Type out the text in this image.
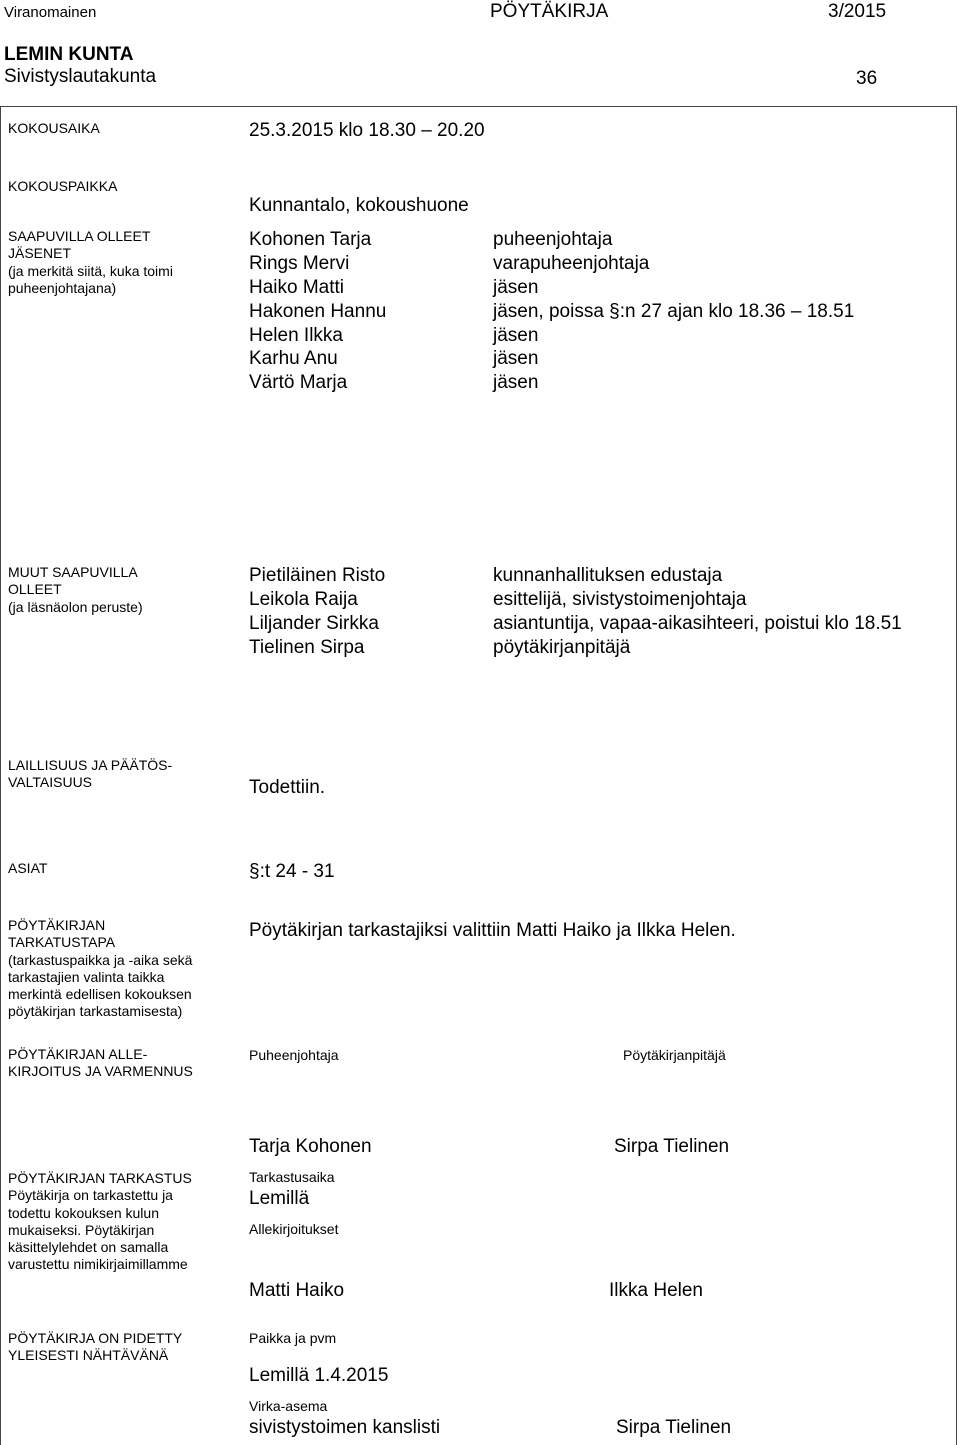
Viranomainen	PÖYTÄKIRJA	3/2015
LEMIN KUNTA
Sivistyslautakunta	36
KOKOUSAIKA	25.3.2015 klo 18.30 – 20.20
KOKOUSPAIKKA
Kunnantalo, kokoushuone
SAAPUVILLA OLLEET
JÄSENET
(ja merkitä siitä, kuka toimi
puheenjohtajana)
Kohonen Tarja	puheenjohtaja
Rings Mervi	varapuheenjohtaja
Haiko Matti	jäsen
Hakonen Hannu	jäsen, poissa §:n 27 ajan klo 18.36 – 18.51
Helen Ilkka	jäsen
Karhu Anu	jäsen
Värtö Marja	jäsen
MUUT SAAPUVILLA
OLLEET
(ja läsnäolon peruste)
Pietiläinen Risto	kunnanhallituksen edustaja
Leikola Raija	esittelijä, sivistystoimenjohtaja
Liljander Sirkka	asiantuntija, vapaa-aikasihteeri, poistui klo 18.51
Tielinen Sirpa	pöytäkirjanpitäjä
LAILLISUUS JA PÄÄTÖS-
VALTAISUUS	Todettiin.
ASIAT	§:t 24 - 31
PÖYTÄKIRJAN
TARKATUSTAPA
(tarkastuspaikka ja -aika sekä
tarkastajien valinta taikka
merkintä edellisen kokouksen
pöytäkirjan tarkastamisesta)
Pöytäkirjan tarkastajiksi valittiin Matti Haiko ja Ilkka Helen.
PÖYTÄKIRJAN ALLE-
KIRJOITUS JA VARMENNUS
Puheenjohtaja	Pöytäkirjanpitäjä
Tarja Kohonen	Sirpa Tielinen
PÖYTÄKIRJAN TARKASTUS
Pöytäkirja on tarkastettu ja
todettu kokouksen kulun
mukaiseksi. Pöytäkirjan
käsittelylehdet on samalla
varustettu nimikirjaimillamme
Tarkastusaika
Lemillä
Allekirjoitukset
Matti Haiko	Ilkka Helen
PÖYTÄKIRJA ON PIDETTY
YLEISESTI NÄHTÄVÄNÄ
Paikka ja pvm
Lemillä 1.4.2015
Virka-asema
sivistystoimen kanslisti	Sirpa Tielinen
